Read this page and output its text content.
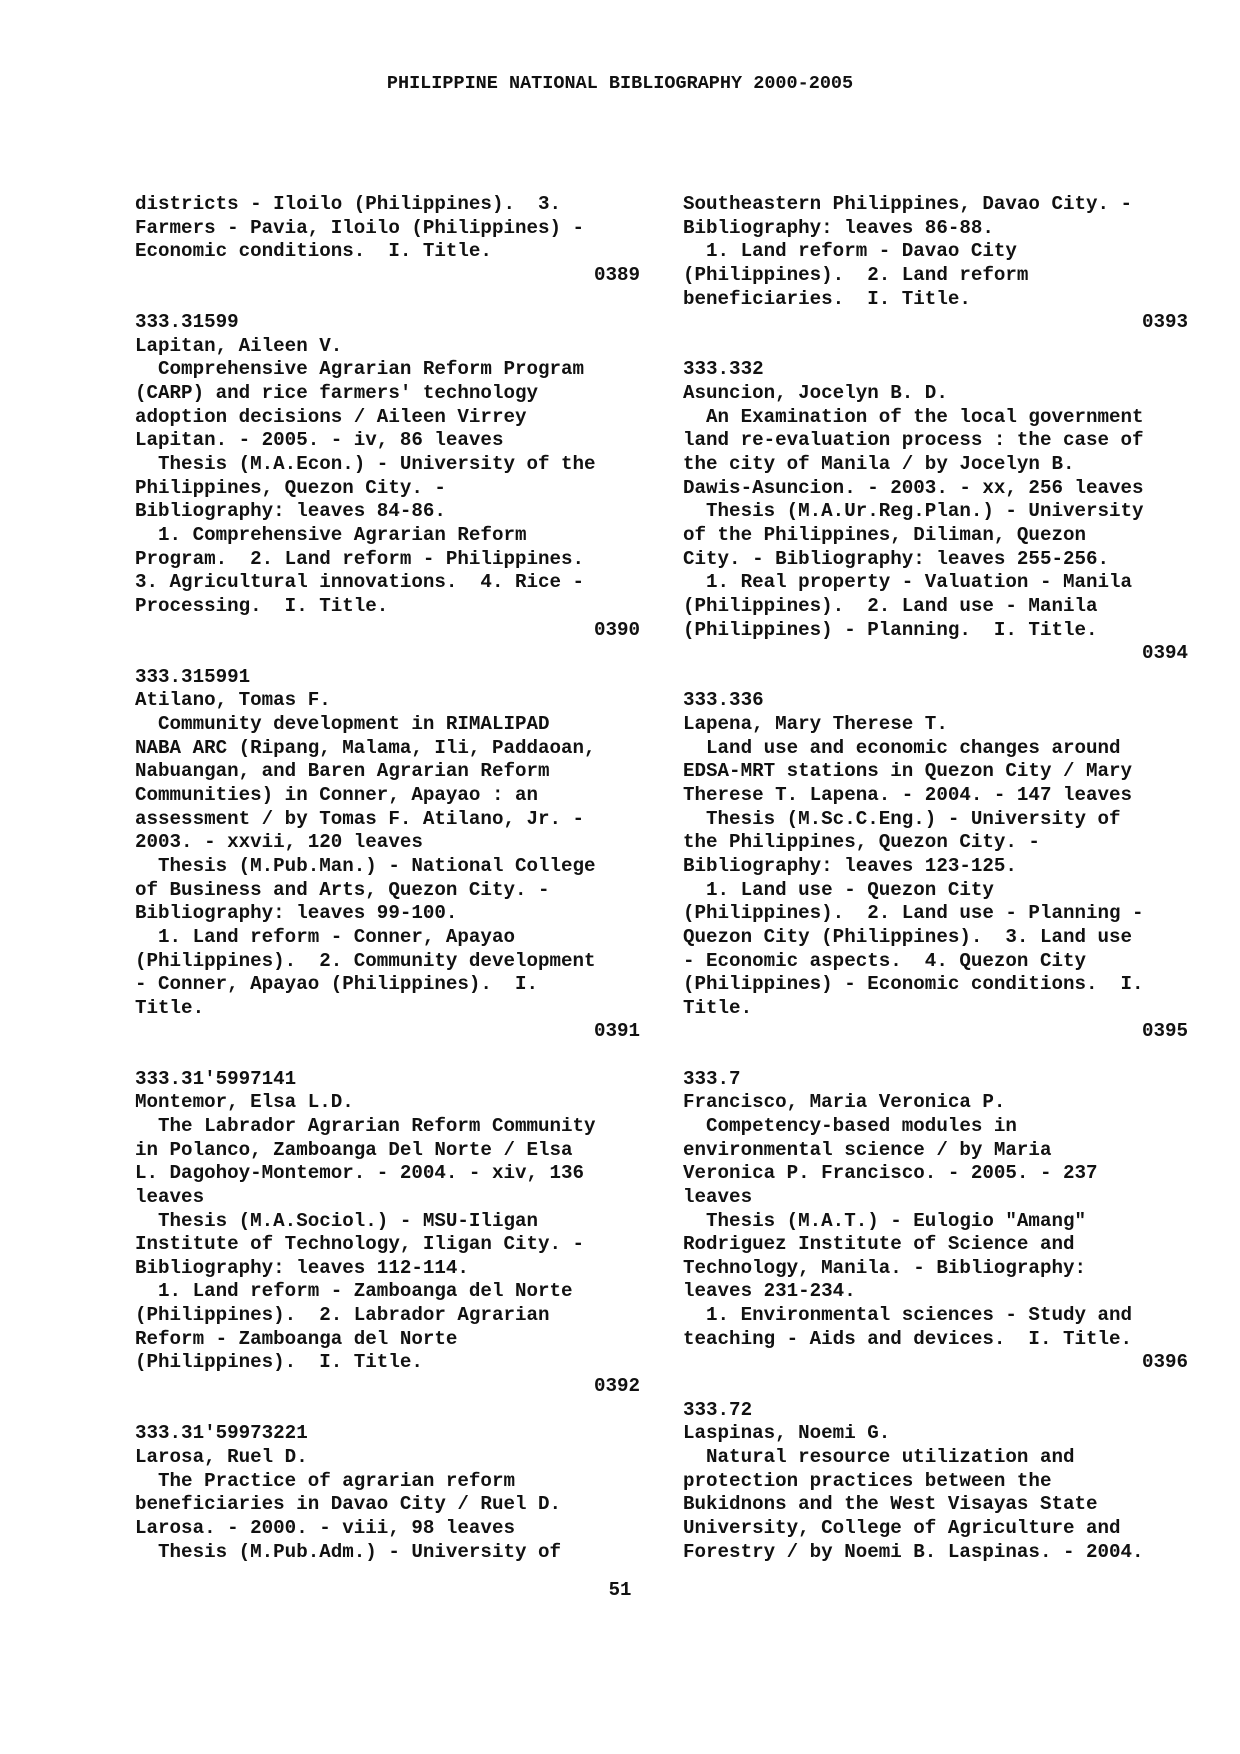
PHILIPPINE NATIONAL BIBLIOGRAPHY 2000-2005
districts - Iloilo (Philippines).  3.
Farmers - Pavia, Iloilo (Philippines) -
Economic conditions.  I. Title.
0389
333.31599
Lapitan, Aileen V.
Comprehensive Agrarian Reform Program
(CARP) and rice farmers' technology
adoption decisions / Aileen Virrey
Lapitan. - 2005. - iv, 86 leaves
Thesis (M.A.Econ.) - University of the
Philippines, Quezon City. -
Bibliography: leaves 84-86.
1. Comprehensive Agrarian Reform
Program.  2. Land reform - Philippines.
3. Agricultural innovations.  4. Rice -
Processing.  I. Title.
0390
333.315991
Atilano, Tomas F.
Community development in RIMALIPAD
NABA ARC (Ripang, Malama, Ili, Paddaoan,
Nabuangan, and Baren Agrarian Reform
Communities) in Conner, Apayao : an
assessment / by Tomas F. Atilano, Jr. -
2003. - xxvii, 120 leaves
Thesis (M.Pub.Man.) - National College
of Business and Arts, Quezon City. -
Bibliography: leaves 99-100.
1. Land reform - Conner, Apayao
(Philippines).  2. Community development
- Conner, Apayao (Philippines).  I.
Title.
0391
333.31'5997141
Montemor, Elsa L.D.
The Labrador Agrarian Reform Community
in Polanco, Zamboanga Del Norte / Elsa
L. Dagohoy-Montemor. - 2004. - xiv, 136
leaves
Thesis (M.A.Sociol.) - MSU-Iligan
Institute of Technology, Iligan City. -
Bibliography: leaves 112-114.
1. Land reform - Zamboanga del Norte
(Philippines).  2. Labrador Agrarian
Reform - Zamboanga del Norte
(Philippines).  I. Title.
0392
333.31'59973221
Larosa, Ruel D.
The Practice of agrarian reform
beneficiaries in Davao City / Ruel D.
Larosa. - 2000. - viii, 98 leaves
Thesis (M.Pub.Adm.) - University of
Southeastern Philippines, Davao City. -
Bibliography: leaves 86-88.
1. Land reform - Davao City
(Philippines).  2. Land reform
beneficiaries.  I. Title.
0393
333.332
Asuncion, Jocelyn B. D.
An Examination of the local government
land re-evaluation process : the case of
the city of Manila / by Jocelyn B.
Dawis-Asuncion. - 2003. - xx, 256 leaves
Thesis (M.A.Ur.Reg.Plan.) - University
of the Philippines, Diliman, Quezon
City. - Bibliography: leaves 255-256.
1. Real property - Valuation - Manila
(Philippines).  2. Land use - Manila
(Philippines) - Planning.  I. Title.
0394
333.336
Lapena, Mary Therese T.
Land use and economic changes around
EDSA-MRT stations in Quezon City / Mary
Therese T. Lapena. - 2004. - 147 leaves
Thesis (M.Sc.C.Eng.) - University of
the Philippines, Quezon City. -
Bibliography: leaves 123-125.
1. Land use - Quezon City
(Philippines).  2. Land use - Planning -
Quezon City (Philippines).  3. Land use
- Economic aspects.  4. Quezon City
(Philippines) - Economic conditions.  I.
Title.
0395
333.7
Francisco, Maria Veronica P.
Competency-based modules in
environmental science / by Maria
Veronica P. Francisco. - 2005. - 237
leaves
Thesis (M.A.T.) - Eulogio "Amang"
Rodriguez Institute of Science and
Technology, Manila. - Bibliography:
leaves 231-234.
1. Environmental sciences - Study and
teaching - Aids and devices.  I. Title.
0396
333.72
Laspinas, Noemi G.
Natural resource utilization and
protection practices between the
Bukidnons and the West Visayas State
University, College of Agriculture and
Forestry / by Noemi B. Laspinas. - 2004.
51
